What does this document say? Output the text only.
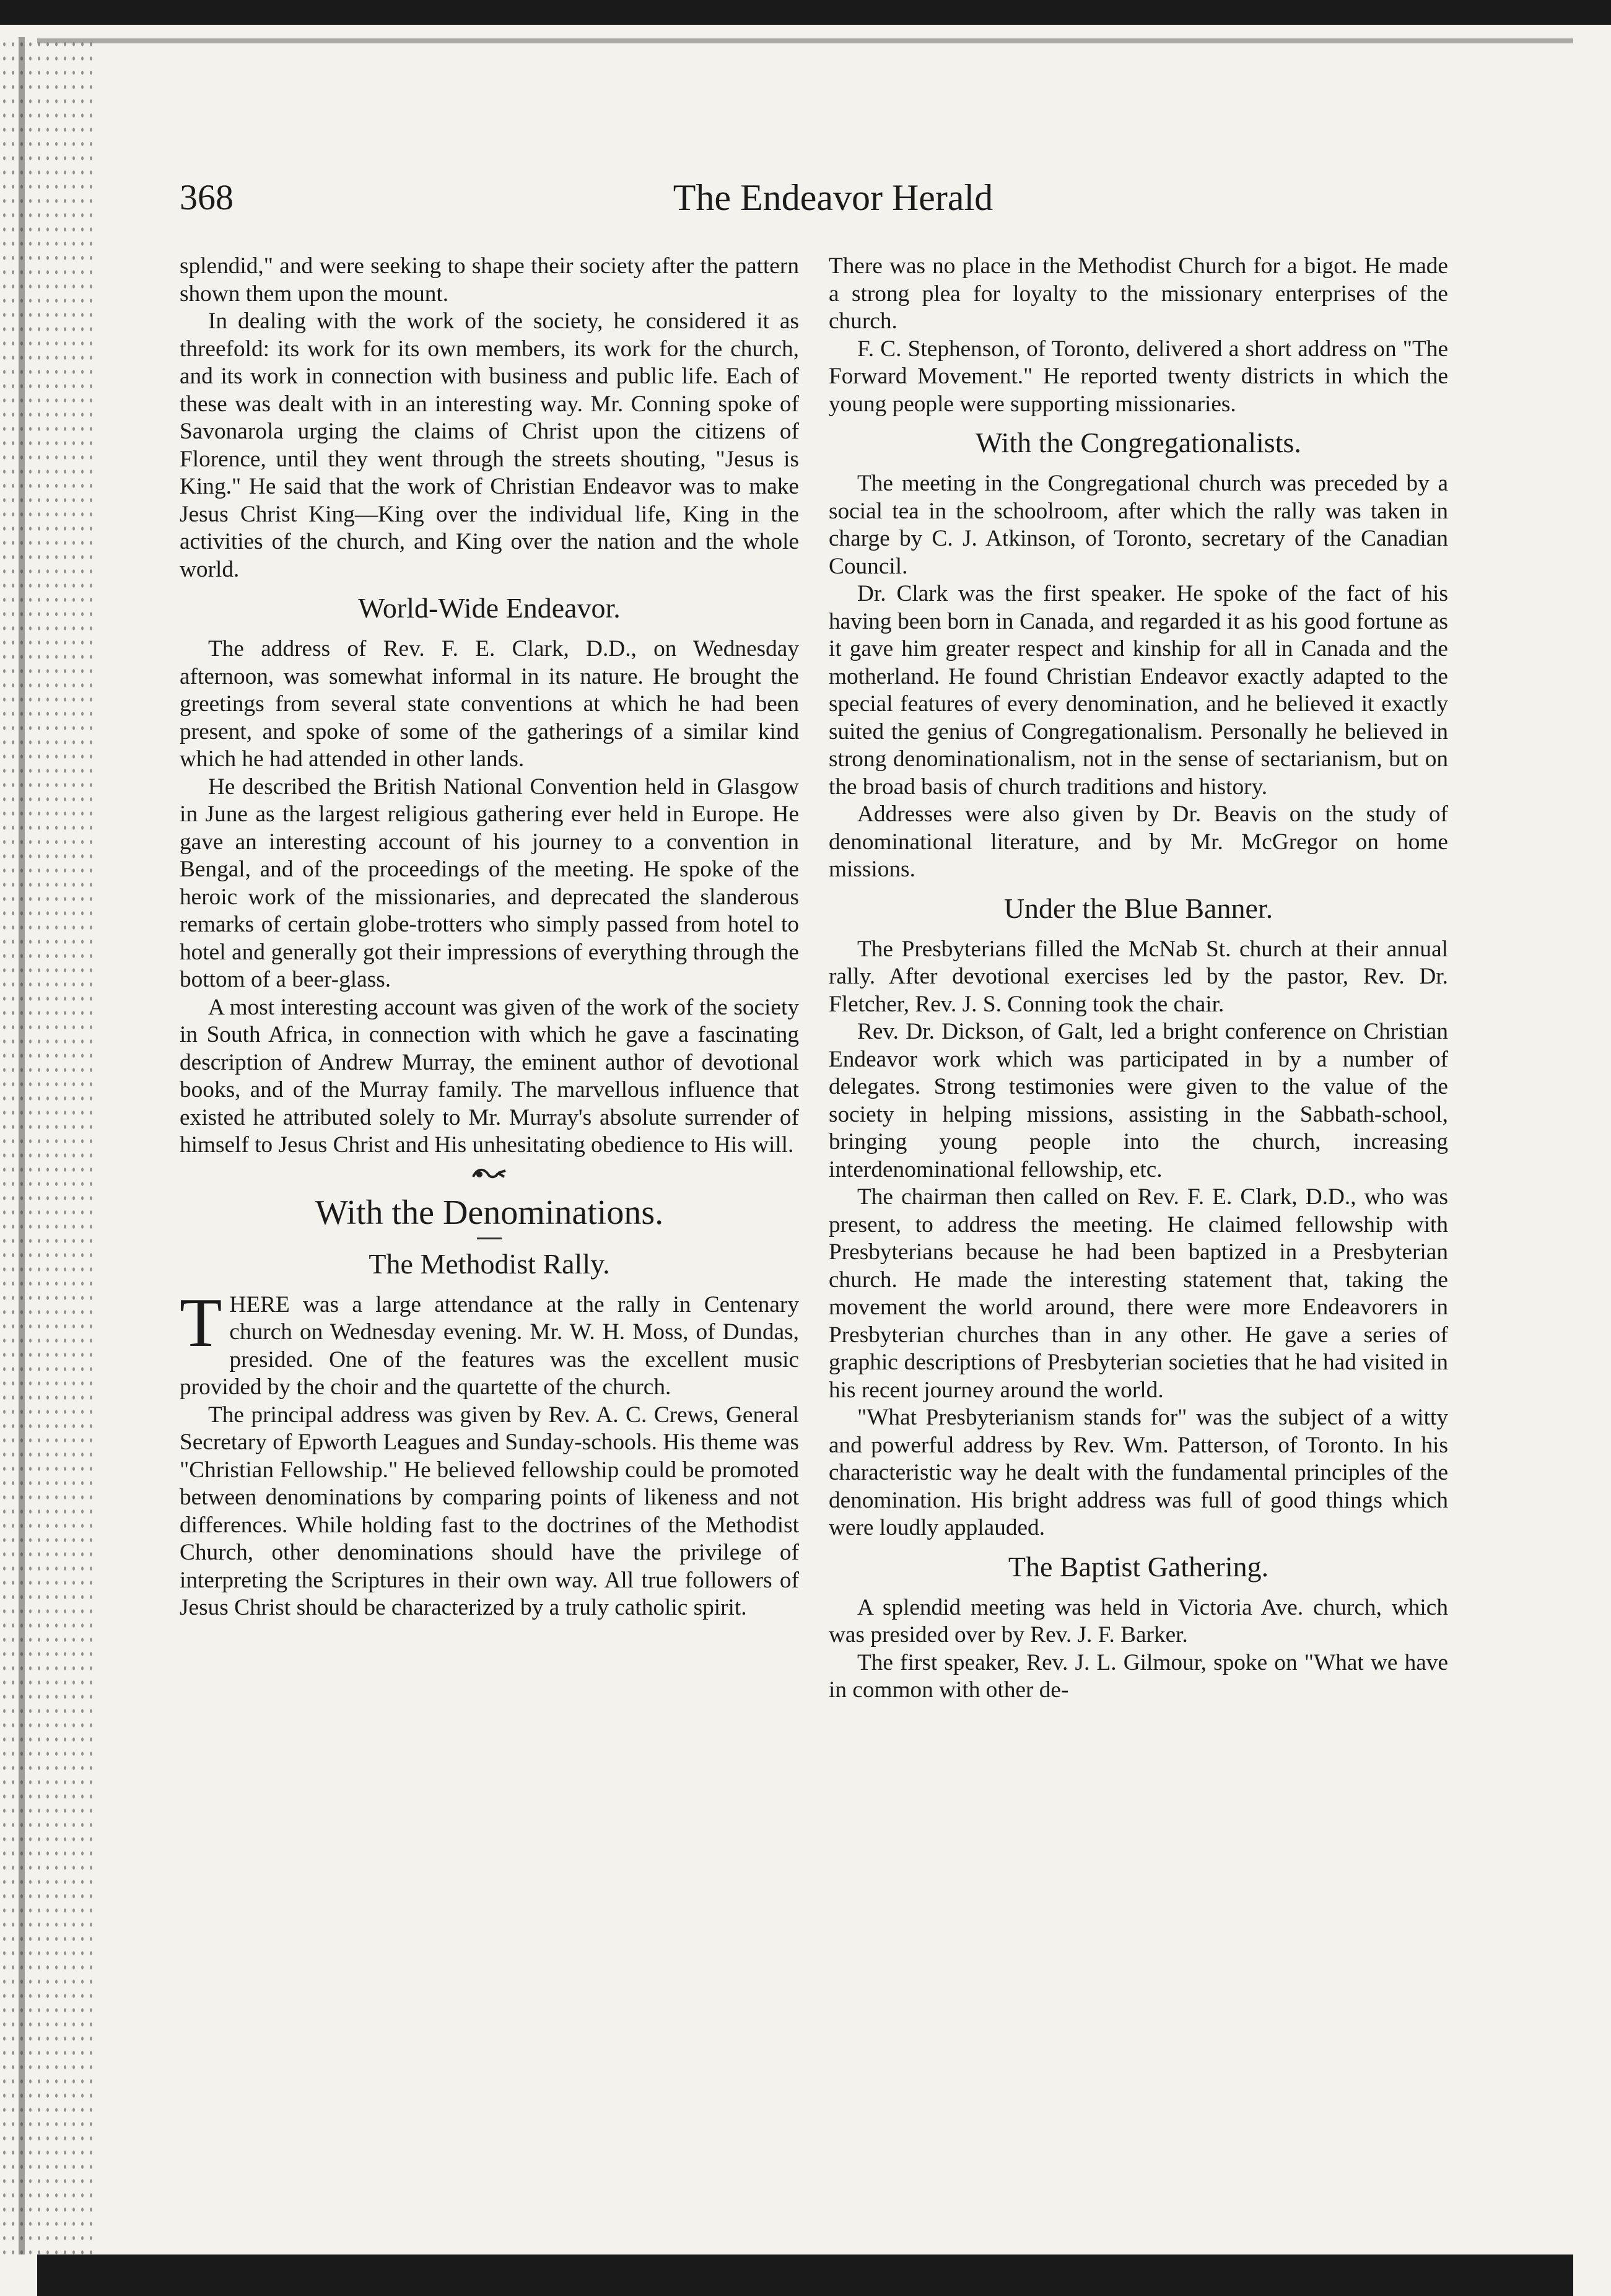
368	The Endeavor Herald

splendid," and were seeking to shape their society after the pattern shown them upon the mount.

In dealing with the work of the society, he considered it as threefold: its work for its own members, its work for the church, and its work in connection with business and public life. Each of these was dealt with in an interesting way. Mr. Conning spoke of Savonarola urging the claims of Christ upon the citizens of Florence, until they went through the streets shouting, "Jesus is King." He said that the work of Christian Endeavor was to make Jesus Christ King—King over the individual life, King in the activities of the church, and King over the nation and the whole world.

World-Wide Endeavor.

The address of Rev. F. E. Clark, D.D., on Wednesday afternoon, was somewhat informal in its nature. He brought the greetings from several state conventions at which he had been present, and spoke of some of the gatherings of a similar kind which he had attended in other lands.

He described the British National Convention held in Glasgow in June as the largest religious gathering ever held in Europe. He gave an interesting account of his journey to a convention in Bengal, and of the proceedings of the meeting. He spoke of the heroic work of the missionaries, and deprecated the slanderous remarks of certain globe-trotters who simply passed from hotel to hotel and generally got their impressions of everything through the bottom of a beer-glass.

A most interesting account was given of the work of the society in South Africa, in connection with which he gave a fascinating description of Andrew Murray, the eminent author of devotional books, and of the Murray family. The marvellous influence that existed he attributed solely to Mr. Murray's absolute surrender of himself to Jesus Christ and His unhesitating obedience to His will.

With the Denominations.
The Methodist Rally.

THERE was a large attendance at the rally in Centenary church on Wednesday evening. Mr. W. H. Moss, of Dundas, presided. One of the features was the excellent music provided by the choir and the quartette of the church.

The principal address was given by Rev. A. C. Crews, General Secretary of Epworth Leagues and Sunday-schools. His theme was "Christian Fellowship." He believed fellowship could be promoted between denominations by comparing points of likeness and not differences. While holding fast to the doctrines of the Methodist Church, other denominations should have the privilege of interpreting the Scriptures in their own way. All true followers of Jesus Christ should be characterized by a truly catholic spirit.

There was no place in the Methodist Church for a bigot. He made a strong plea for loyalty to the missionary enterprises of the church.

F. C. Stephenson, of Toronto, delivered a short address on "The Forward Movement." He reported twenty districts in which the young people were supporting missionaries.

With the Congregationalists.

The meeting in the Congregational church was preceded by a social tea in the schoolroom, after which the rally was taken in charge by C. J. Atkinson, of Toronto, secretary of the Canadian Council.

Dr. Clark was the first speaker. He spoke of the fact of his having been born in Canada, and regarded it as his good fortune as it gave him greater respect and kinship for all in Canada and the motherland. He found Christian Endeavor exactly adapted to the special features of every denomination, and he believed it exactly suited the genius of Congregationalism. Personally he believed in strong denominationalism, not in the sense of sectarianism, but on the broad basis of church traditions and history.

Addresses were also given by Dr. Beavis on the study of denominational literature, and by Mr. McGregor on home missions.

Under the Blue Banner.

The Presbyterians filled the McNab St. church at their annual rally. After devotional exercises led by the pastor, Rev. Dr. Fletcher, Rev. J. S. Conning took the chair.

Rev. Dr. Dickson, of Galt, led a bright conference on Christian Endeavor work which was participated in by a number of delegates. Strong testimonies were given to the value of the society in helping missions, assisting in the Sabbath-school, bringing young people into the church, increasing interdenominational fellowship, etc.

The chairman then called on Rev. F. E. Clark, D.D., who was present, to address the meeting. He claimed fellowship with Presbyterians because he had been baptized in a Presbyterian church. He made the interesting statement that, taking the movement the world around, there were more Endeavorers in Presbyterian churches than in any other. He gave a series of graphic descriptions of Presbyterian societies that he had visited in his recent journey around the world.

"What Presbyterianism stands for" was the subject of a witty and powerful address by Rev. Wm. Patterson, of Toronto. In his characteristic way he dealt with the fundamental principles of the denomination. His bright address was full of good things which were loudly applauded.

The Baptist Gathering.

A splendid meeting was held in Victoria Ave. church, which was presided over by Rev. J. F. Barker.

The first speaker, Rev. J. L. Gilmour, spoke on "What we have in common with other de-
